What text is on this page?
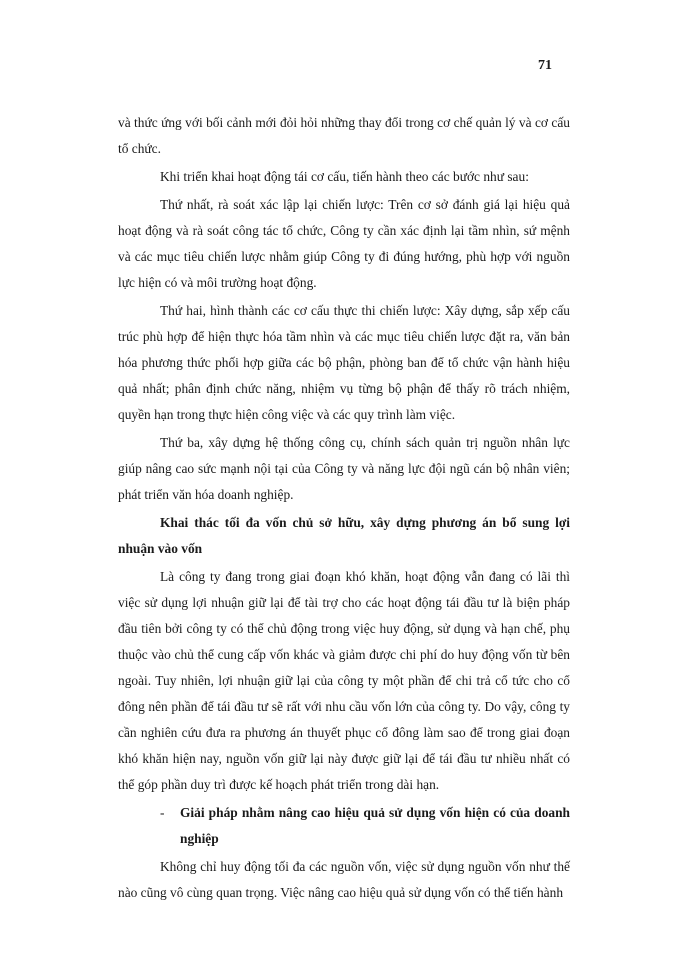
71

và thức ứng với bối cảnh mới đỏi hỏi những thay đổi trong cơ chế quản lý và cơ cấu tổ chức.

Khi triển khai hoạt động tái cơ cấu, tiến hành theo các bước như sau:

Thứ nhất, rà soát xác lập lại chiến lược: Trên cơ sở đánh giá lại hiệu quả hoạt động và rà soát công tác tổ chức, Công ty cần xác định lại tầm nhìn, sứ mệnh và các mục tiêu chiến lược nhằm giúp Công ty đi đúng hướng, phù hợp với nguồn lực hiện có và môi trường hoạt động.

Thứ hai, hình thành các cơ cấu thực thi chiến lược: Xây dựng, sắp xếp cấu trúc phù hợp để hiện thực hóa tầm nhìn và các mục tiêu chiến lược đặt ra, văn bản hóa phương thức phối hợp giữa các bộ phận, phòng ban để tổ chức vận hành hiệu quả nhất; phân định chức năng, nhiệm vụ từng bộ phận để thấy rõ trách nhiệm, quyền hạn trong thực hiện công việc và các quy trình làm việc.

Thứ ba, xây dựng hệ thống công cụ, chính sách quản trị nguồn nhân lực giúp nâng cao sức mạnh nội tại của Công ty và năng lực đội ngũ cán bộ nhân viên; phát triển văn hóa doanh nghiệp.

Khai thác tối đa vốn chủ sở hữu, xây dựng phương án bổ sung lợi nhuận vào vốn

Là công ty đang trong giai đoạn khó khăn, hoạt động vẫn đang có lãi thì việc sử dụng lợi nhuận giữ lại để tài trợ cho các hoạt động tái đầu tư là biện pháp đầu tiên bởi công ty có thể chủ động trong việc huy động, sử dụng và hạn chế, phụ thuộc vào chủ thể cung cấp vốn khác và giảm được chi phí do huy động vốn từ bên ngoài. Tuy nhiên, lợi nhuận giữ lại của công ty một phần để chi trả cổ tức cho cổ đông nên phần để tái đầu tư sẽ rất với nhu cầu vốn lớn của công ty. Do vậy, công ty cần nghiên cứu đưa ra phương án thuyết phục cổ đông làm sao để trong giai đoạn khó khăn hiện nay, nguồn vốn giữ lại này được giữ lại để tái đầu tư nhiều nhất có thể góp phần duy trì được kế hoạch phát triển trong dài hạn.

-	Giải pháp nhằm nâng cao hiệu quả sử dụng vốn hiện có của doanh nghiệp

Không chỉ huy động tối đa các nguồn vốn, việc sử dụng nguồn vốn như thế nào cũng vô cùng quan trọng. Việc nâng cao hiệu quả sử dụng vốn có thể tiến hành
